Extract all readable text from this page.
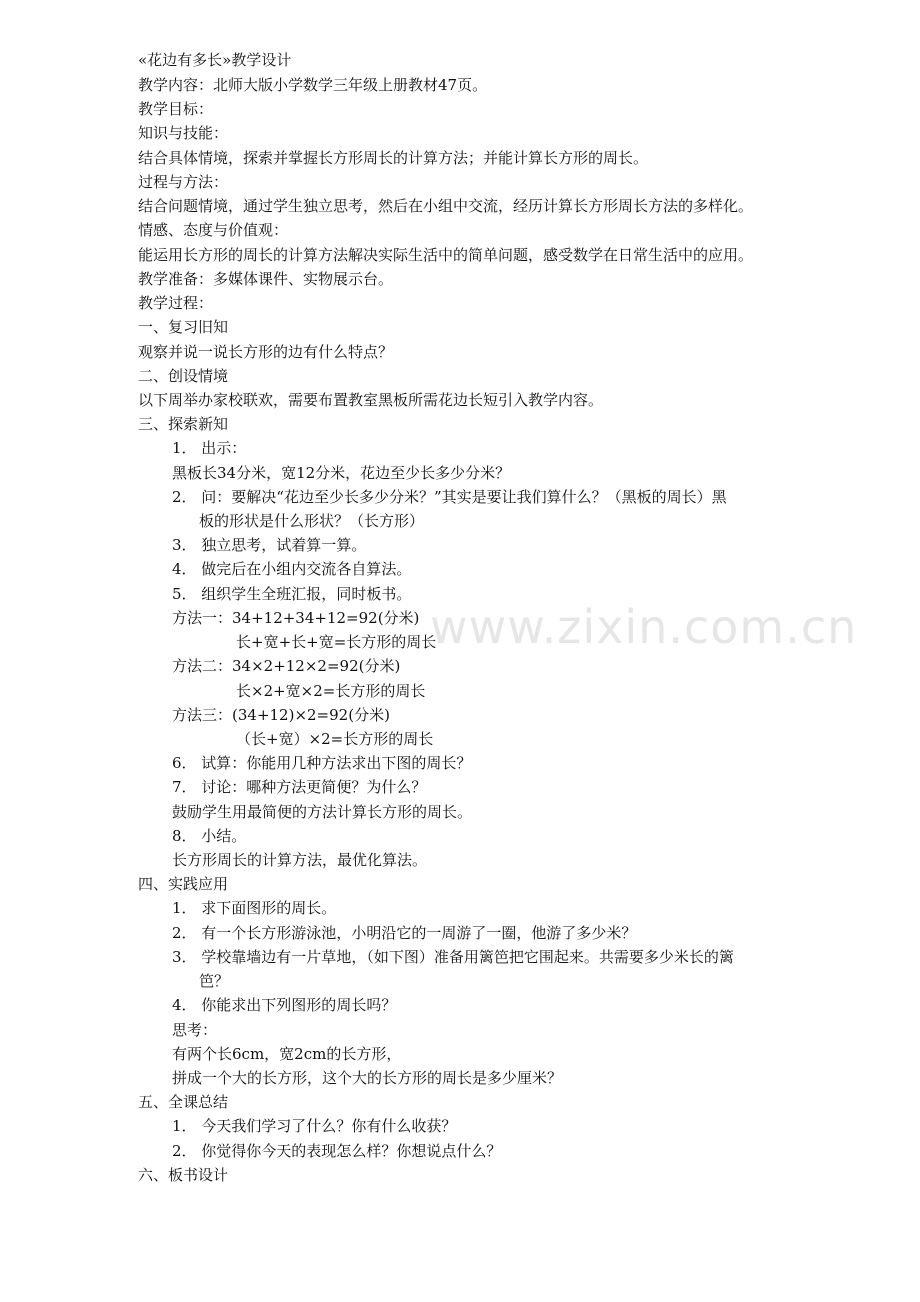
«花边有多长»教学设计
教学内容：北师大版小学数学三年级上册教材47页。
教学目标：
知识与技能：
结合具体情境，探索并掌握长方形周长的计算方法；并能计算长方形的周长。
过程与方法：
结合问题情境，通过学生独立思考，然后在小组中交流，经历计算长方形周长方法的多样化。
情感、态度与价值观：
能运用长方形的周长的计算方法解决实际生活中的简单问题，感受数学在日常生活中的应用。
教学准备：多媒体课件、实物展示台。
教学过程：
一、复习旧知
观察并说一说长方形的边有什么特点？
二、创设情境
以下周举办家校联欢，需要布置教室黑板所需花边长短引入教学内容。
三、探索新知
1． 出示：
黑板长34分米，宽12分米，花边至少长多少分米？
2． 问：要解决“花边至少长多少分米？”其实是要让我们算什么？（黑板的周长）黑
板的形状是什么形状？（长方形）
3． 独立思考，试着算一算。
4． 做完后在小组内交流各自算法。
5． 组织学生全班汇报，同时板书。
方法一：34+12+34+12=92(分米)
长+宽+长+宽=长方形的周长
方法二：34×2+12×2=92(分米)
长×2+宽×2=长方形的周长
方法三：(34+12)×2=92(分米)
（长+宽）×2=长方形的周长
6． 试算：你能用几种方法求出下图的周长？
7． 讨论：哪种方法更简便？为什么？
鼓励学生用最简便的方法计算长方形的周长。
8． 小结。
长方形周长的计算方法，最优化算法。
四、实践应用
1． 求下面图形的周长。
2． 有一个长方形游泳池，小明沿它的一周游了一圈，他游了多少米？
3． 学校靠墙边有一片草地，（如下图）准备用篱笆把它围起来。共需要多少米长的篱
笆？
4． 你能求出下列图形的周长吗？
思考：
有两个长6cm，宽2cm的长方形，
拼成一个大的长方形，这个大的长方形的周长是多少厘米？
五、全课总结
1． 今天我们学习了什么？你有什么收获？
2． 你觉得你今天的表现怎么样？你想说点什么？
六、板书设计
www.zixin.com.cn
